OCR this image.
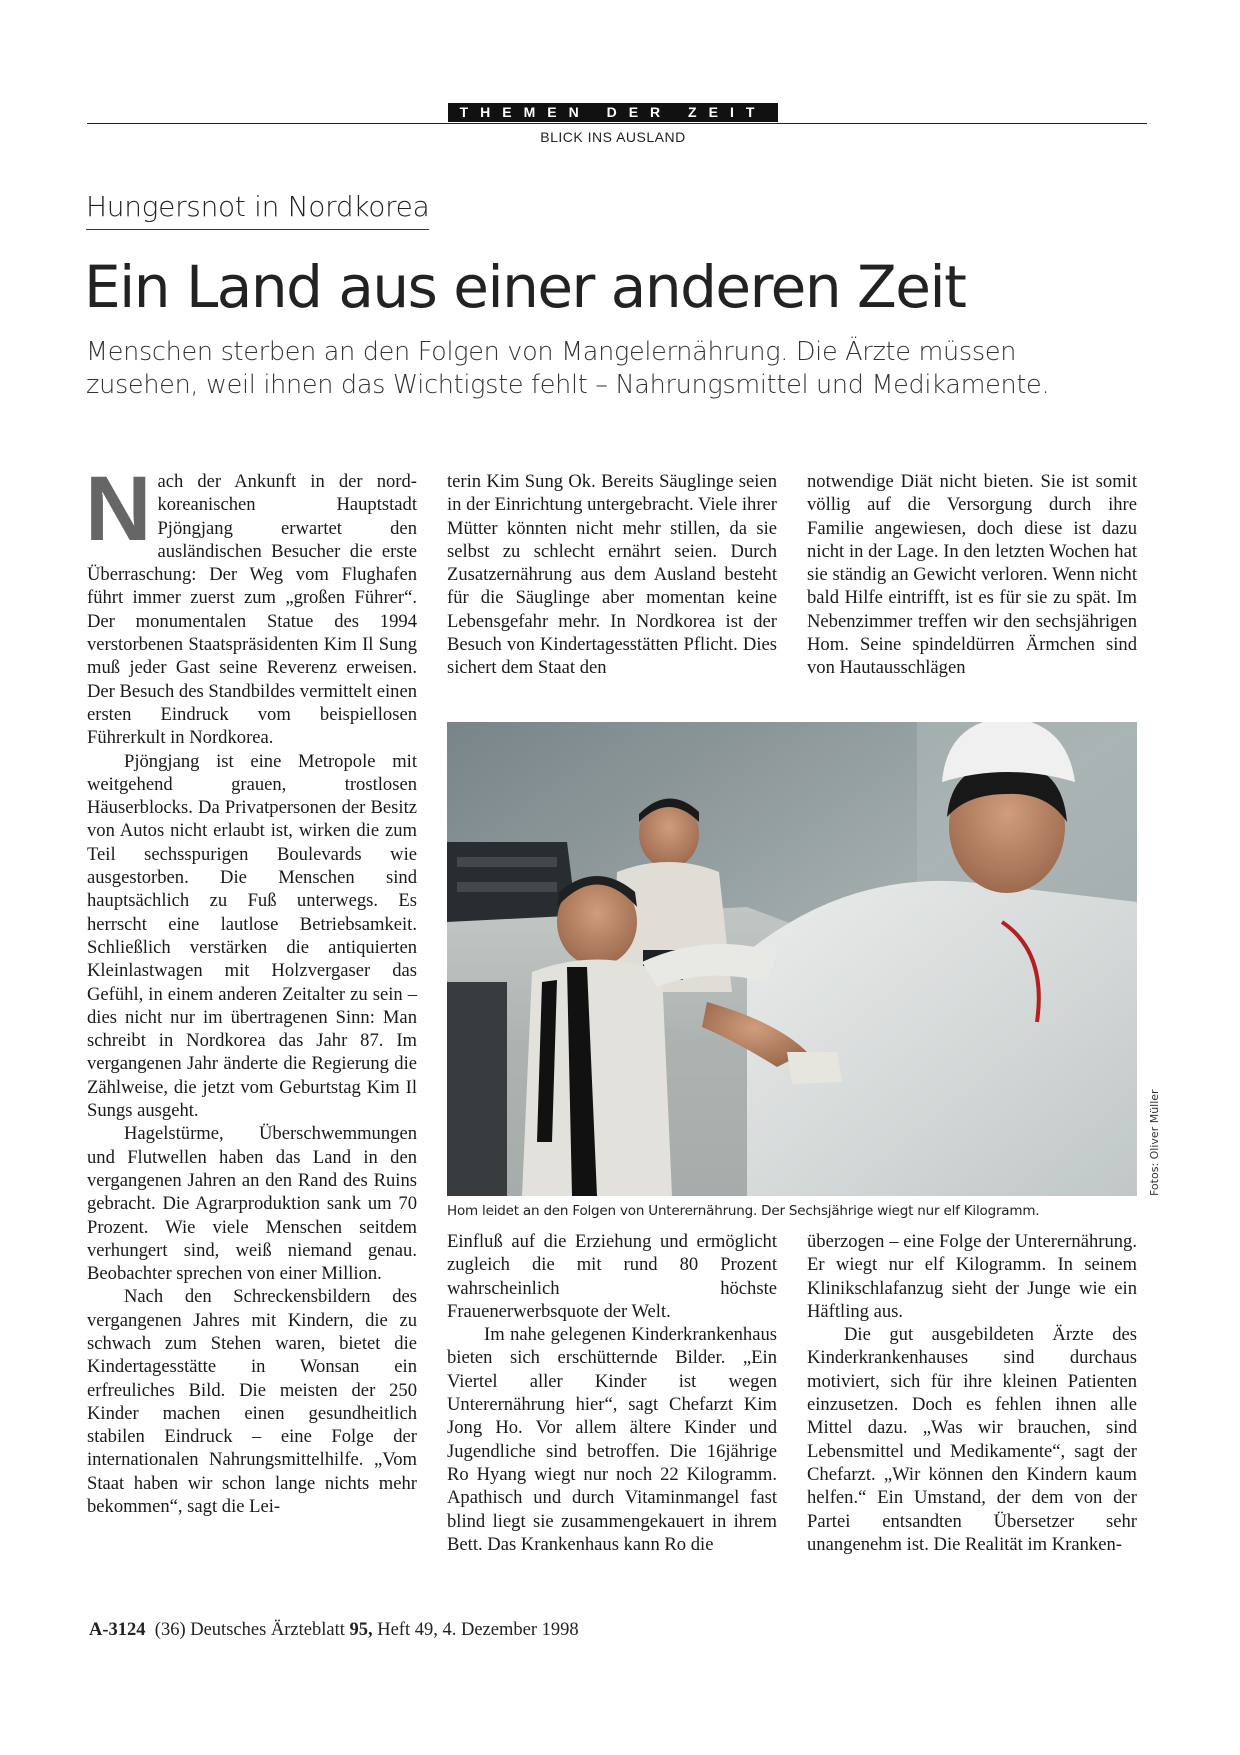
THEMEN DER ZEIT
BLICK INS AUSLAND
Hungersnot in Nordkorea
Ein Land aus einer anderen Zeit
Menschen sterben an den Folgen von Mangelernährung. Die Ärzte müssen zusehen, weil ihnen das Wichtigste fehlt – Nahrungsmittel und Medikamente.

Nach der Ankunft in der nord-koreanischen Hauptstadt Pjöngjang erwartet den ausländischen Besucher die erste Überraschung: Der Weg vom Flughafen führt immer zuerst zum „großen Führer“. Der monumentalen Statue des 1994 verstorbenen Staatspräsidenten Kim Il Sung muß jeder Gast seine Reverenz erweisen. Der Besuch des Standbildes vermittelt einen ersten Eindruck vom beispiellosen Führerkult in Nordkorea.

Pjöngjang ist eine Metropole mit weitgehend grauen, trostlosen Häuserblocks. Da Privatpersonen der Besitz von Autos nicht erlaubt ist, wirken die zum Teil sechsspurigen Boulevards wie ausgestorben. Die Menschen sind hauptsächlich zu Fuß unterwegs. Es herrscht eine lautlose Betriebsamkeit. Schließlich verstärken die antiquierten Kleinlastwagen mit Holzvergaser das Gefühl, in einem anderen Zeitalter zu sein – dies nicht nur im übertragenen Sinn: Man schreibt in Nordkorea das Jahr 87. Im vergangenen Jahr änderte die Regierung die Zählweise, die jetzt vom Geburtstag Kim Il Sungs ausgeht.

Hagelstürme, Überschwemmungen und Flutwellen haben das Land in den vergangenen Jahren an den Rand des Ruins gebracht. Die Agrarproduktion sank um 70 Prozent. Wie viele Menschen seitdem verhungert sind, weiß niemand genau. Beobachter sprechen von einer Million.

Nach den Schreckensbildern des vergangenen Jahres mit Kindern, die zu schwach zum Stehen waren, bietet die Kindertagesstätte in Wonsan ein erfreuliches Bild. Die meisten der 250 Kinder machen einen gesundheitlich stabilen Eindruck – eine Folge der internationalen Nahrungsmittelhilfe. „Vom Staat haben wir schon lange nichts mehr bekommen“, sagt die Lei-

terin Kim Sung Ok. Bereits Säuglinge seien in der Einrichtung untergebracht. Viele ihrer Mütter könnten nicht mehr stillen, da sie selbst zu schlecht ernährt seien. Durch Zusatzernährung aus dem Ausland besteht für die Säuglinge aber momentan keine Lebensgefahr mehr. In Nordkorea ist der Besuch von Kindertagesstätten Pflicht. Dies sichert dem Staat den

notwendige Diät nicht bieten. Sie ist somit völlig auf die Versorgung durch ihre Familie angewiesen, doch diese ist dazu nicht in der Lage. In den letzten Wochen hat sie ständig an Gewicht verloren. Wenn nicht bald Hilfe eintrifft, ist es für sie zu spät. Im Nebenzimmer treffen wir den sechsjährigen Hom. Seine spindeldürren Ärmchen sind von Hautausschlägen

Hom leidet an den Folgen von Unterernährung. Der Sechsjährige wiegt nur elf Kilogramm.
Fotos: Oliver Müller

Einfluß auf die Erziehung und ermöglicht zugleich die mit rund 80 Prozent wahrscheinlich höchste Frauenerwerbsquote der Welt.

Im nahe gelegenen Kinderkrankenhaus bieten sich erschütternde Bilder. „Ein Viertel aller Kinder ist wegen Unterernährung hier“, sagt Chefarzt Kim Jong Ho. Vor allem ältere Kinder und Jugendliche sind betroffen. Die 16jährige Ro Hyang wiegt nur noch 22 Kilogramm. Apathisch und durch Vitaminmangel fast blind liegt sie zusammengekauert in ihrem Bett. Das Krankenhaus kann Ro die

überzogen – eine Folge der Unterernährung. Er wiegt nur elf Kilogramm. In seinem Klinikschlafanzug sieht der Junge wie ein Häftling aus.

Die gut ausgebildeten Ärzte des Kinderkrankenhauses sind durchaus motiviert, sich für ihre kleinen Patienten einzusetzen. Doch es fehlen ihnen alle Mittel dazu. „Was wir brauchen, sind Lebensmittel und Medikamente“, sagt der Chefarzt. „Wir können den Kindern kaum helfen.“ Ein Umstand, der dem von der Partei entsandten Übersetzer sehr unangenehm ist. Die Realität im Kranken-

A-3124 (36) Deutsches Ärzteblatt 95, Heft 49, 4. Dezember 1998
